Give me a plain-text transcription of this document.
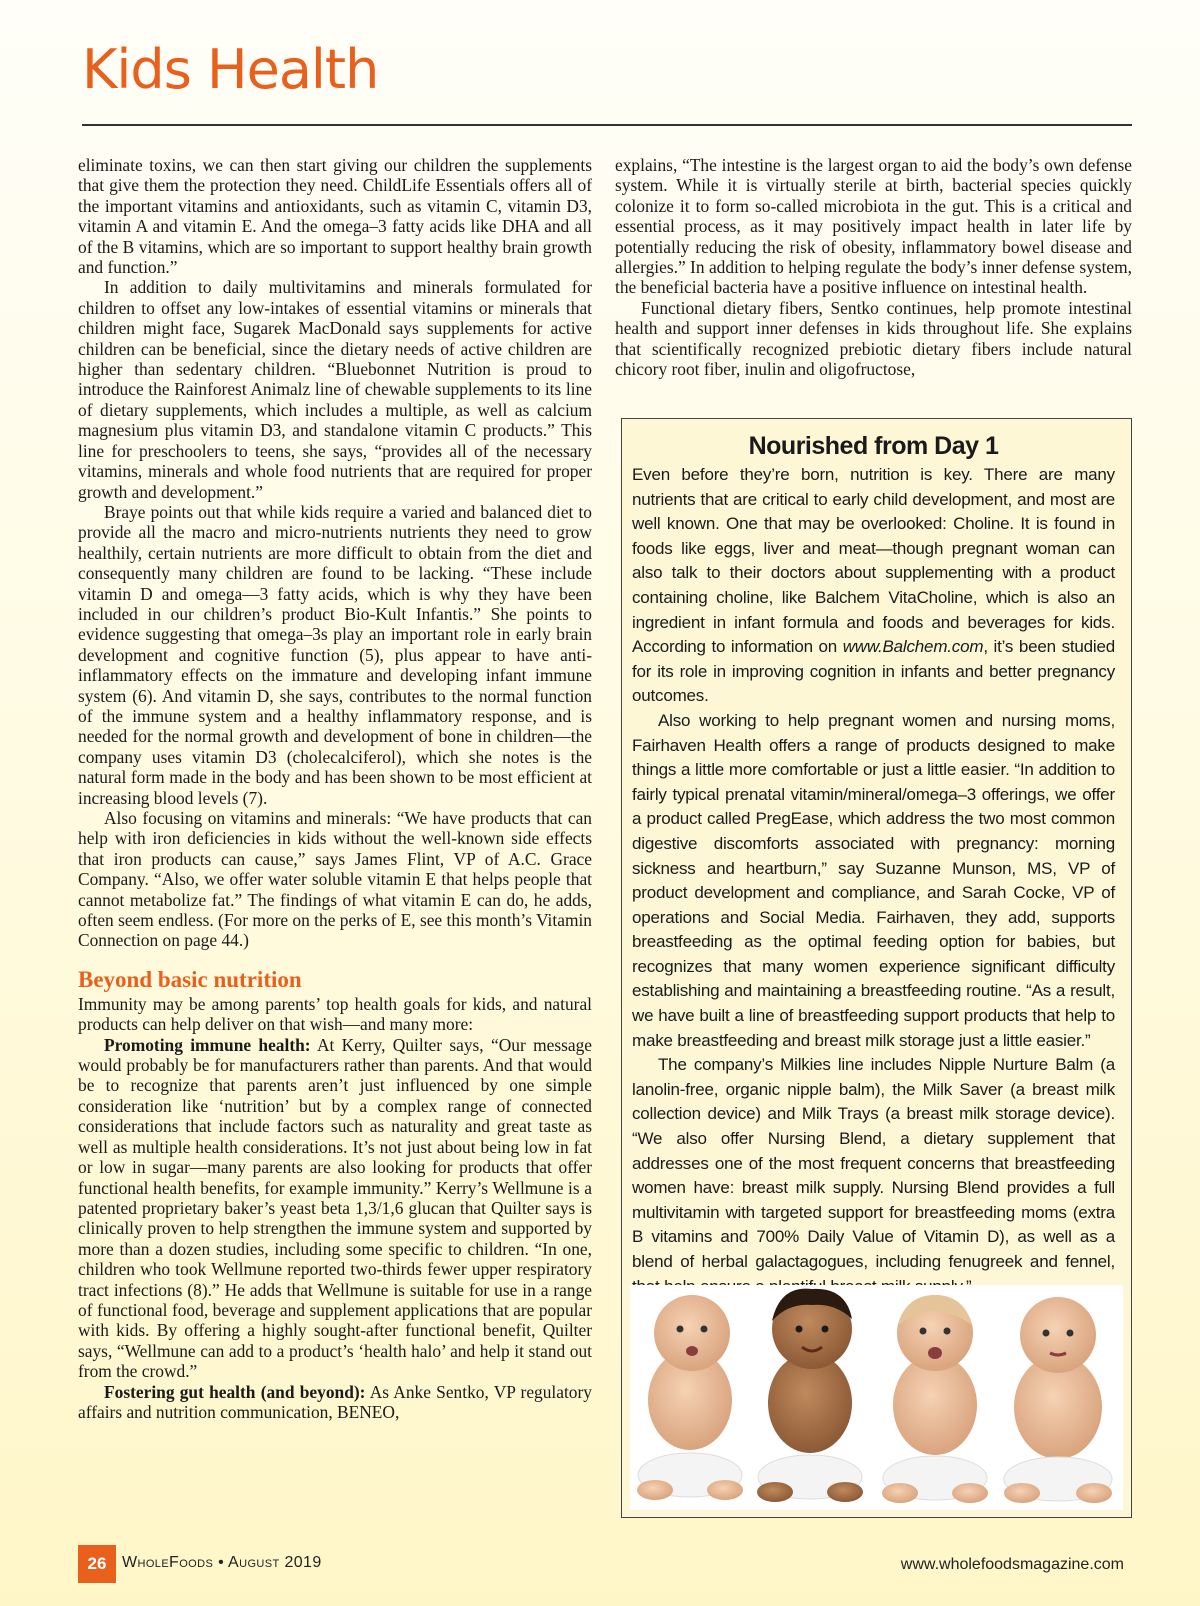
Kids Health

eliminate toxins, we can then start giving our children the supplements that give them the protection they need. ChildLife Essentials offers all of the important vitamins and antioxidants, such as vitamin C, vitamin D3, vitamin A and vitamin E. And the omega–3 fatty acids like DHA and all of the B vitamins, which are so important to support healthy brain growth and function.”

In addition to daily multivitamins and minerals formulated for children to offset any low-intakes of essential vitamins or minerals that children might face, Sugarek MacDonald says supplements for active children can be beneficial, since the dietary needs of active children are higher than sedentary children. “Bluebonnet Nutrition is proud to introduce the Rainforest Animalz line of chewable supplements to its line of dietary supplements, which includes a multiple, as well as calcium magnesium plus vitamin D3, and standalone vitamin C products.” This line for preschoolers to teens, she says, “provides all of the necessary vitamins, minerals and whole food nutrients that are required for proper growth and development.”

Braye points out that while kids require a varied and balanced diet to provide all the macro and micro-nutrients nutrients they need to grow healthily, certain nutrients are more difficult to obtain from the diet and consequently many children are found to be lacking. “These include vitamin D and omega—3 fatty acids, which is why they have been included in our children’s product Bio-Kult Infantis.” She points to evidence suggesting that omega–3s play an important role in early brain development and cognitive function (5), plus appear to have anti-inflammatory effects on the immature and developing infant immune system (6). And vitamin D, she says, contributes to the normal function of the immune system and a healthy inflammatory response, and is needed for the normal growth and development of bone in children—the company uses vitamin D3 (cholecalciferol), which she notes is the natural form made in the body and has been shown to be most efficient at increasing blood levels (7).

Also focusing on vitamins and minerals: “We have products that can help with iron deficiencies in kids without the well-known side effects that iron products can cause,” says James Flint, VP of A.C. Grace Company. “Also, we offer water soluble vitamin E that helps people that cannot metabolize fat.” The findings of what vitamin E can do, he adds, often seem endless. (For more on the perks of E, see this month’s Vitamin Connection on page 44.)

Beyond basic nutrition

Immunity may be among parents’ top health goals for kids, and natural products can help deliver on that wish—and many more:

Promoting immune health: At Kerry, Quilter says, “Our message would probably be for manufacturers rather than parents. And that would be to recognize that parents aren’t just influenced by one simple consideration like ‘nutrition’ but by a complex range of connected considerations that include factors such as naturality and great taste as well as multiple health considerations. It’s not just about being low in fat or low in sugar—many parents are also looking for products that offer functional health benefits, for example immunity.” Kerry’s Wellmune is a patented proprietary baker’s yeast beta 1,3/1,6 glucan that Quilter says is clinically proven to help strengthen the immune system and supported by more than a dozen studies, including some specific to children. “In one, children who took Wellmune reported two-thirds fewer upper respiratory tract infections (8).” He adds that Wellmune is suitable for use in a range of functional food, beverage and supplement applications that are popular with kids. By offering a highly sought-after functional benefit, Quilter says, “Wellmune can add to a product’s ‘health halo’ and help it stand out from the crowd.”

Fostering gut health (and beyond): As Anke Sentko, VP regulatory affairs and nutrition communication, BENEO,

explains, “The intestine is the largest organ to aid the body’s own defense system. While it is virtually sterile at birth, bacterial species quickly colonize it to form so-called microbiota in the gut. This is a critical and essential process, as it may positively impact health in later life by potentially reducing the risk of obesity, inflammatory bowel disease and allergies.” In addition to helping regulate the body’s inner defense system, the beneficial bacteria have a positive influence on intestinal health.

Functional dietary fibers, Sentko continues, help promote intestinal health and support inner defenses in kids throughout life. She explains that scientifically recognized prebiotic dietary fibers include natural chicory root fiber, inulin and oligofructose,

Nourished from Day 1

Even before they’re born, nutrition is key. There are many nutrients that are critical to early child development, and most are well known. One that may be overlooked: Choline. It is found in foods like eggs, liver and meat—though pregnant woman can also talk to their doctors about supplementing with a product containing choline, like Balchem VitaCholine, which is also an ingredient in infant formula and foods and beverages for kids. According to information on www.Balchem.com, it’s been studied for its role in improving cognition in infants and better pregnancy outcomes.

Also working to help pregnant women and nursing moms, Fairhaven Health offers a range of products designed to make things a little more comfortable or just a little easier. “In addition to fairly typical prenatal vitamin/mineral/omega–3 offerings, we offer a product called PregEase, which address the two most common digestive discomforts associated with pregnancy: morning sickness and heartburn,” say Suzanne Munson, MS, VP of product development and compliance, and Sarah Cocke, VP of operations and Social Media. Fairhaven, they add, supports breastfeeding as the optimal feeding option for babies, but recognizes that many women experience significant difficulty establishing and maintaining a breastfeeding routine. “As a result, we have built a line of breastfeeding support products that help to make breastfeeding and breast milk storage just a little easier.”

The company’s Milkies line includes Nipple Nurture Balm (a lanolin-free, organic nipple balm), the Milk Saver (a breast milk collection device) and Milk Trays (a breast milk storage device). “We also offer Nursing Blend, a dietary supplement that addresses one of the most frequent concerns that breastfeeding women have: breast milk supply. Nursing Blend provides a full multivitamin with targeted support for breastfeeding moms (extra B vitamins and 700% Daily Value of Vitamin D), as well as a blend of herbal galactagogues, including fenugreek and fennel,

26 WholeFoods • August 2019	www.wholefoodsmagazine.com
